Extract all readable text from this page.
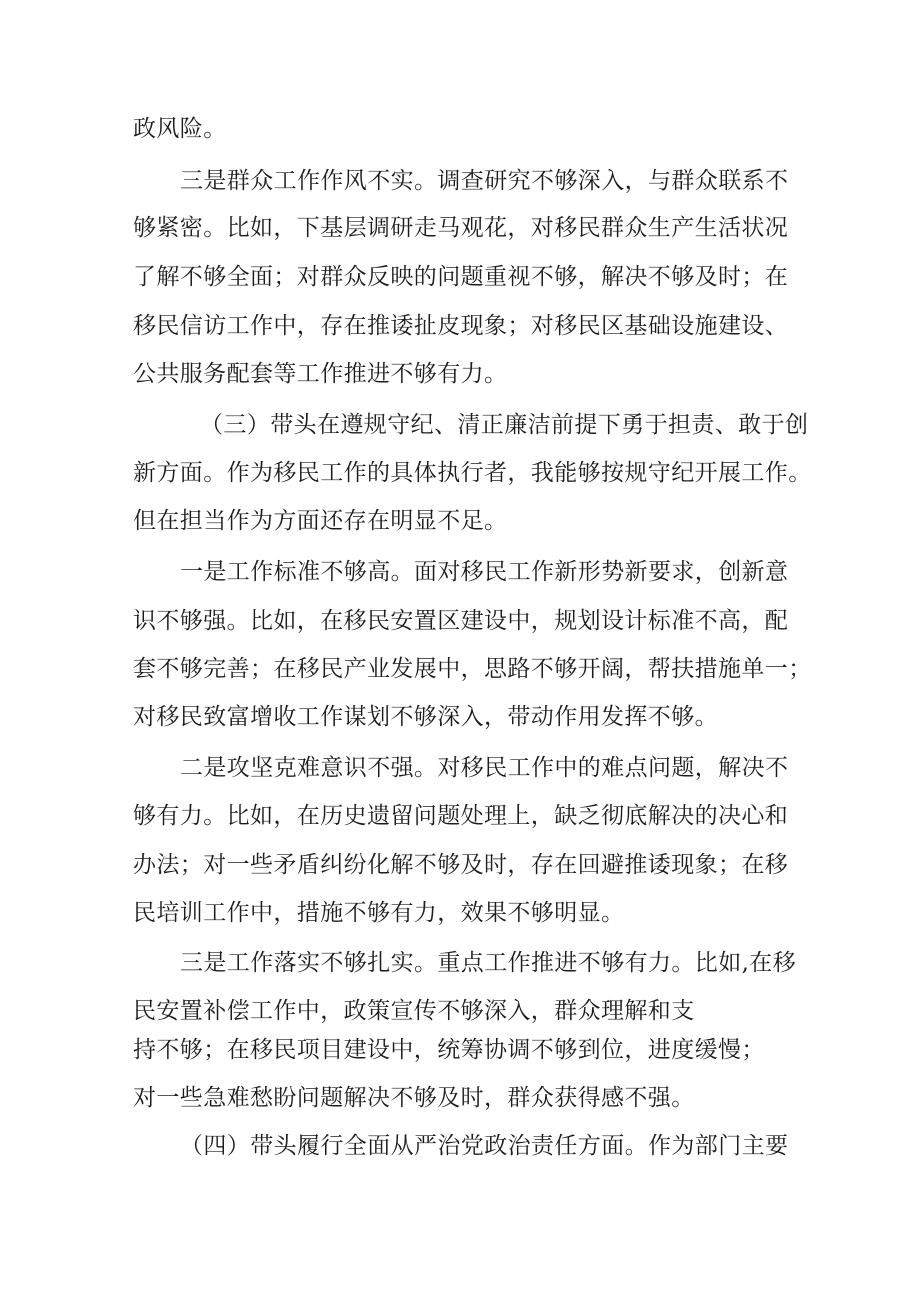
政风险。
三是群众工作作风不实。调查研究不够深入，与群众联系不
够紧密。比如，下基层调研走马观花，对移民群众生产生活状况
了解不够全面；对群众反映的问题重视不够，解决不够及时；在
移民信访工作中，存在推诿扯皮现象；对移民区基础设施建设、
公共服务配套等工作推进不够有力。
（三）带头在遵规守纪、清正廉洁前提下勇于担责、敢于创
新方面。作为移民工作的具体执行者，我能够按规守纪开展工作。
但在担当作为方面还存在明显不足。
一是工作标准不够高。面对移民工作新形势新要求，创新意
识不够强。比如，在移民安置区建设中，规划设计标准不高，配
套不够完善；在移民产业发展中，思路不够开阔，帮扶措施单一；
对移民致富增收工作谋划不够深入，带动作用发挥不够。
二是攻坚克难意识不强。对移民工作中的难点问题，解决不
够有力。比如，在历史遗留问题处理上，缺乏彻底解决的决心和
办法；对一些矛盾纠纷化解不够及时，存在回避推诿现象；在移
民培训工作中，措施不够有力，效果不够明显。
三是工作落实不够扎实。重点工作推进不够有力。比如,在移
民安置补偿工作中，政策宣传不够深入，群众理解和支
持不够；在移民项目建设中，统筹协调不够到位，进度缓慢；
对一些急难愁盼问题解决不够及时，群众获得感不强。
（四）带头履行全面从严治党政治责任方面。作为部门主要
